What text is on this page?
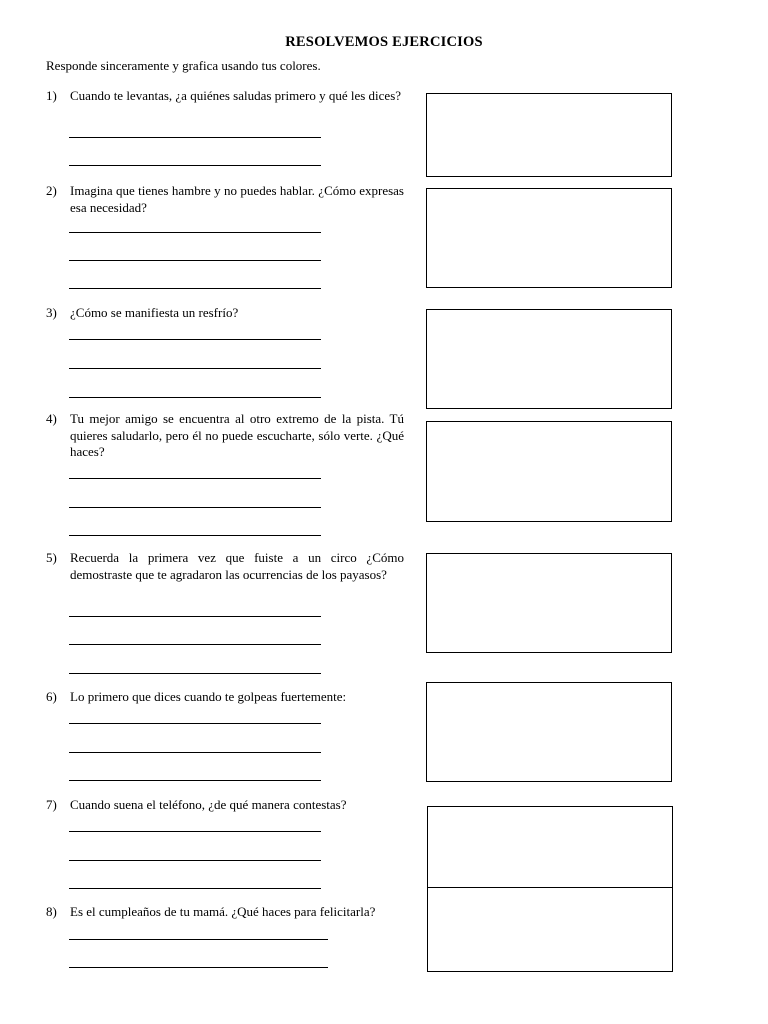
RESOLVEMOS EJERCICIOS
Responde sinceramente y grafica usando tus colores.
1)	Cuando te levantas, ¿a quiénes saludas primero y qué les dices?
2)	Imagina que tienes hambre y no puedes hablar. ¿Cómo expresas esa necesidad?
3)	¿Cómo se manifiesta un resfrío?
4)	Tu mejor amigo se encuentra al otro extremo de la pista. Tú quieres saludarlo, pero él no puede escucharte, sólo verte. ¿Qué haces?
5)	Recuerda la primera vez que fuiste a un circo ¿Cómo demostraste que te agradaron las ocurrencias de los payasos?
6)	Lo primero que dices cuando te golpeas fuertemente:
7)	Cuando suena el teléfono, ¿de qué manera contestas?
8)	Es el cumpleaños de tu mamá. ¿Qué haces para felicitarla?
